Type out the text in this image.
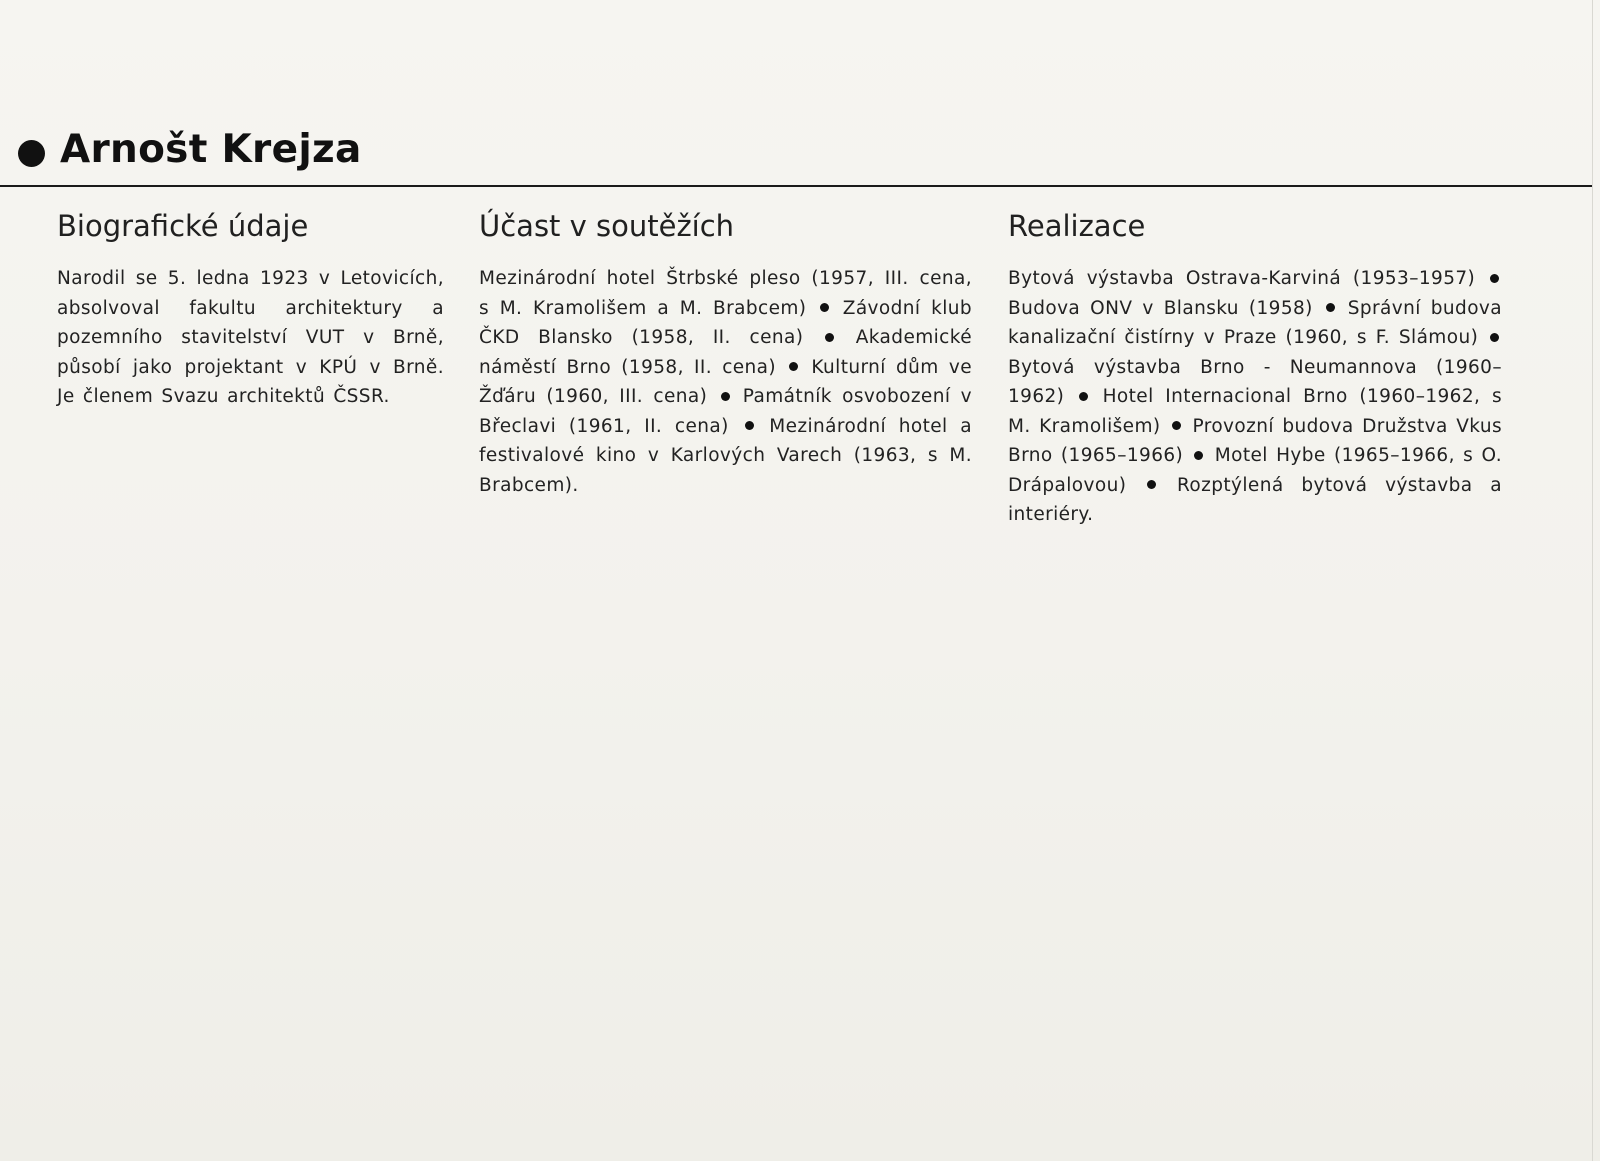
Arnošt Krejza
Biografické údaje

Narodil se 5. ledna 1923 v Letovicích, absolvoval fakultu architektury a pozemního stavitelství VUT v Brně, působí jako projektant v KPÚ v Brně. Je členem Svazu architektů ČSSR.

Účast v soutěžích

Mezinárodní hotel Štrbské pleso (1957, III. cena, s M. Kramolišem a M. Brabcem) Závodní klub ČKD Blansko (1958, II. cena)	Akademické náměstí Brno (1958, II. cena) Kulturní dům ve Žďáru (1960, III. cena) Památník osvobození v Břeclavi (1961, II. cena) Mezinárodní hotel a festivalové kino v Karlových Varech (1963, s M. Brabcem).

Realizace

Bytová výstavba Ostrava-Karviná (1953–1957)  Budova ONV v Blansku (1958) Správní budova kanalizační čistírny v Praze (1960, s F. Slámou)  Bytová výstavba Brno - Neumannova (1960–1962) Hotel Internacional Brno (1960–1962, s M. Kramolišem) Provozní budova Družstva Vkus Brno (1965–1966) Motel Hybe (1965–1966, s O. Drápalovou)	Rozptýlená bytová výstavba a interiéry.
